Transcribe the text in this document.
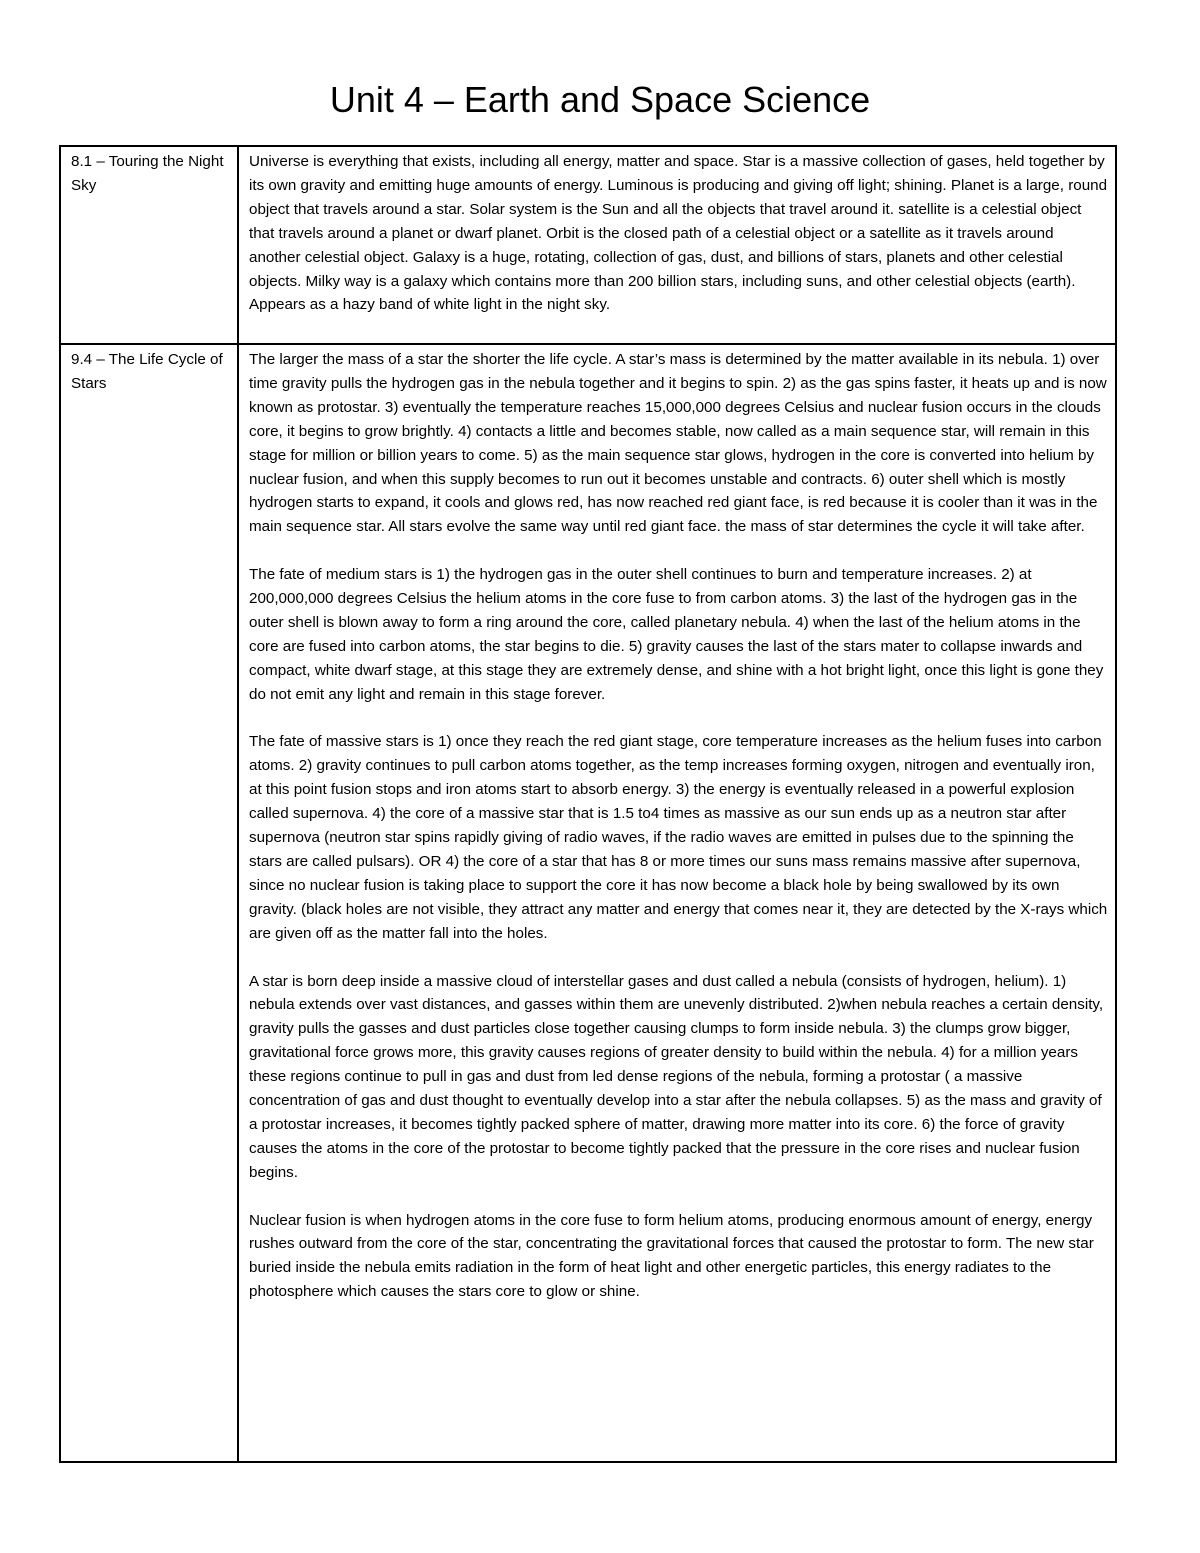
Unit 4 – Earth and Space Science
8.1 – Touring the Night Sky	Universe is everything that exists, including all energy, matter and space. Star is a massive collection of gases, held together by its own gravity and emitting huge amounts of energy. Luminous is producing and giving off light; shining. Planet is a large, round object that travels around a star. Solar system is the Sun and all the objects that travel around it. satellite is a celestial object that travels around a planet or dwarf planet. Orbit is the closed path of a celestial object or a satellite as it travels around another celestial object. Galaxy is a huge, rotating, collection of gas, dust, and billions of stars, planets and other celestial objects. Milky way is a galaxy which contains more than 200 billion stars, including suns, and other celestial objects (earth). Appears as a hazy band of white light in the night sky.

9.4 – The Life Cycle of Stars	The larger the mass of a star the shorter the life cycle. A star’s mass is determined by the matter available in its nebula. 1) over time gravity pulls the hydrogen gas in the nebula together and it begins to spin. 2) as the gas spins faster, it heats up and is now known as protostar. 3) eventually the temperature reaches 15,000,000 degrees Celsius and nuclear fusion occurs in the clouds core, it begins to grow brightly. 4) contacts a little and becomes stable, now called as a main sequence star, will remain in this stage for million or billion years to come. 5) as the main sequence star glows, hydrogen in the core is converted into helium by nuclear fusion, and when this supply becomes to run out it becomes unstable and contracts. 6) outer shell which is mostly hydrogen starts to expand, it cools and glows red, has now reached red giant face, is red because it is cooler than it was in the main sequence star. All stars evolve the same way until red giant face. the mass of star determines the cycle it will take after.

The fate of medium stars is 1) the hydrogen gas in the outer shell continues to burn and temperature increases. 2) at 200,000,000 degrees Celsius the helium atoms in the core fuse to from carbon atoms. 3) the last of the hydrogen gas in the outer shell is blown away to form a ring around the core, called planetary nebula. 4) when the last of the helium atoms in the core are fused into carbon atoms, the star begins to die. 5) gravity causes the last of the stars mater to collapse inwards and compact, white dwarf stage, at this stage they are extremely dense, and shine with a hot bright light, once this light is gone they do not emit any light and remain in this stage forever.

The fate of massive stars is 1) once they reach the red giant stage, core temperature increases as the helium fuses into carbon atoms. 2) gravity continues to pull carbon atoms together, as the temp increases forming oxygen, nitrogen and eventually iron, at this point fusion stops and iron atoms start to absorb energy. 3) the energy is eventually released in a powerful explosion called supernova. 4) the core of a massive star that is 1.5 to4 times as massive as our sun ends up as a neutron star after supernova (neutron star spins rapidly giving of radio waves, if the radio waves are emitted in pulses due to the spinning the stars are called pulsars). OR 4) the core of a star that has 8 or more times our suns mass remains massive after supernova, since no nuclear fusion is taking place to support the core it has now become a black hole by being swallowed by its own gravity. (black holes are not visible, they attract any matter and energy that comes near it, they are detected by the X-rays which are given off as the matter fall into the holes.

A star is born deep inside a massive cloud of interstellar gases and dust called a nebula (consists of hydrogen, helium). 1) nebula extends over vast distances, and gasses within them are unevenly distributed. 2)when nebula reaches a certain density, gravity pulls the gasses and dust particles close together causing clumps to form inside nebula. 3) the clumps grow bigger, gravitational force grows more, this gravity causes regions of greater density to build within the nebula. 4) for a million years these regions continue to pull in gas and dust from led dense regions of the nebula, forming a protostar ( a massive concentration of gas and dust thought to eventually develop into a star after the nebula collapses. 5) as the mass and gravity of a protostar increases, it becomes tightly packed sphere of matter, drawing more matter into its core. 6) the force of gravity causes the atoms in the core of the protostar to become tightly packed that the pressure in the core rises and nuclear fusion begins.

Nuclear fusion is when hydrogen atoms in the core fuse to form helium atoms, producing enormous amount of energy, energy rushes outward from the core of the star, concentrating the gravitational forces that caused the protostar to form. The new star buried inside the nebula emits radiation in the form of heat light and other energetic particles, this energy radiates to the photosphere which causes the stars core to glow or shine.
